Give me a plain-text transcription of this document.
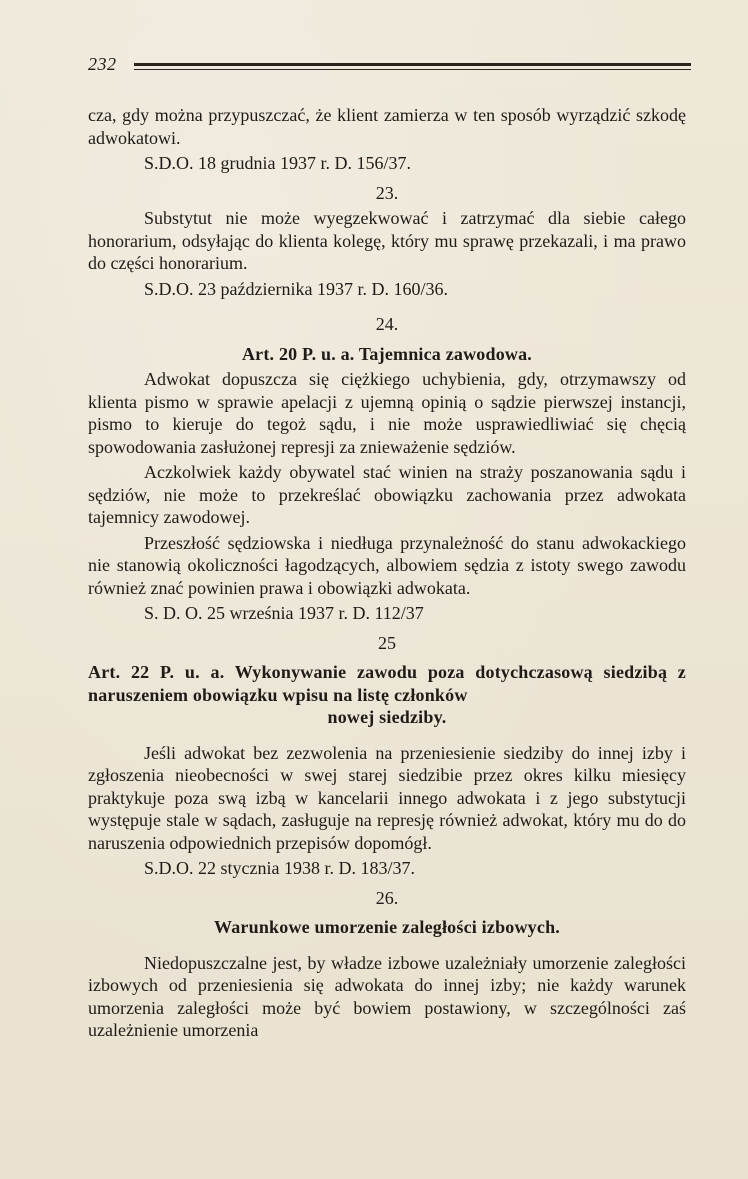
232

cza, gdy można przypuszczać, że klient zamierza w ten sposób wyrządzić szkodę adwokatowi.

S.D.O. 18 grudnia 1937 r. D. 156/37.

23.

Substytut nie może wyegzekwować i zatrzymać dla siebie całego honorarium, odsyłając do klienta kolegę, który mu sprawę przekazali, i ma prawo do części honorarium.

S.D.O. 23 października 1937 r. D. 160/36.

24.

Art. 20 P. u. a. Tajemnica zawodowa.

Adwokat dopuszcza się ciężkiego uchybienia, gdy, otrzymawszy od klienta pismo w sprawie apelacji z ujemną opinią o sądzie pierwszej instancji, pismo to kieruje do tegoż sądu, i nie może usprawiedliwiać się chęcią spowodowania zasłużonej represji za znieważenie sędziów.

Aczkolwiek każdy obywatel stać winien na straży poszanowania sądu i sędziów, nie może to przekreślać obowiązku zachowania przez adwokata tajemnicy zawodowej.

Przeszłość sędziowska i niedługa przynależność do stanu adwokackiego nie stanowią okoliczności łagodzących, albowiem sędzia z istoty swego zawodu również znać powinien prawa i obowiązki adwokata.

S. D. O. 25 września 1937 r. D. 112/37

25

Art. 22 P. u. a. Wykonywanie zawodu poza dotychczasową siedzibą z naruszeniem obowiązku wpisu na listę członków

nowej siedziby.

Jeśli adwokat bez zezwolenia na przeniesienie siedziby do innej izby i zgłoszenia nieobecności w swej starej siedzibie przez okres kilku miesięcy praktykuje poza swą izbą w kancelarii innego adwokata i z jego substytucji występuje stale w sądach, zasługuje na represję również adwokat, który mu do do naruszenia odpowiednich przepisów dopomógł.

S.D.O. 22 stycznia 1938 r. D. 183/37.

26.

Warunkowe umorzenie zaległości izbowych.

Niedopuszczalne jest, by władze izbowe uzależniały umorzenie zaległości izbowych od przeniesienia się adwokata do innej izby; nie każdy warunek umorzenia zaległości może być bowiem postawiony, w szczególności zaś uzależnienie umorzenia
